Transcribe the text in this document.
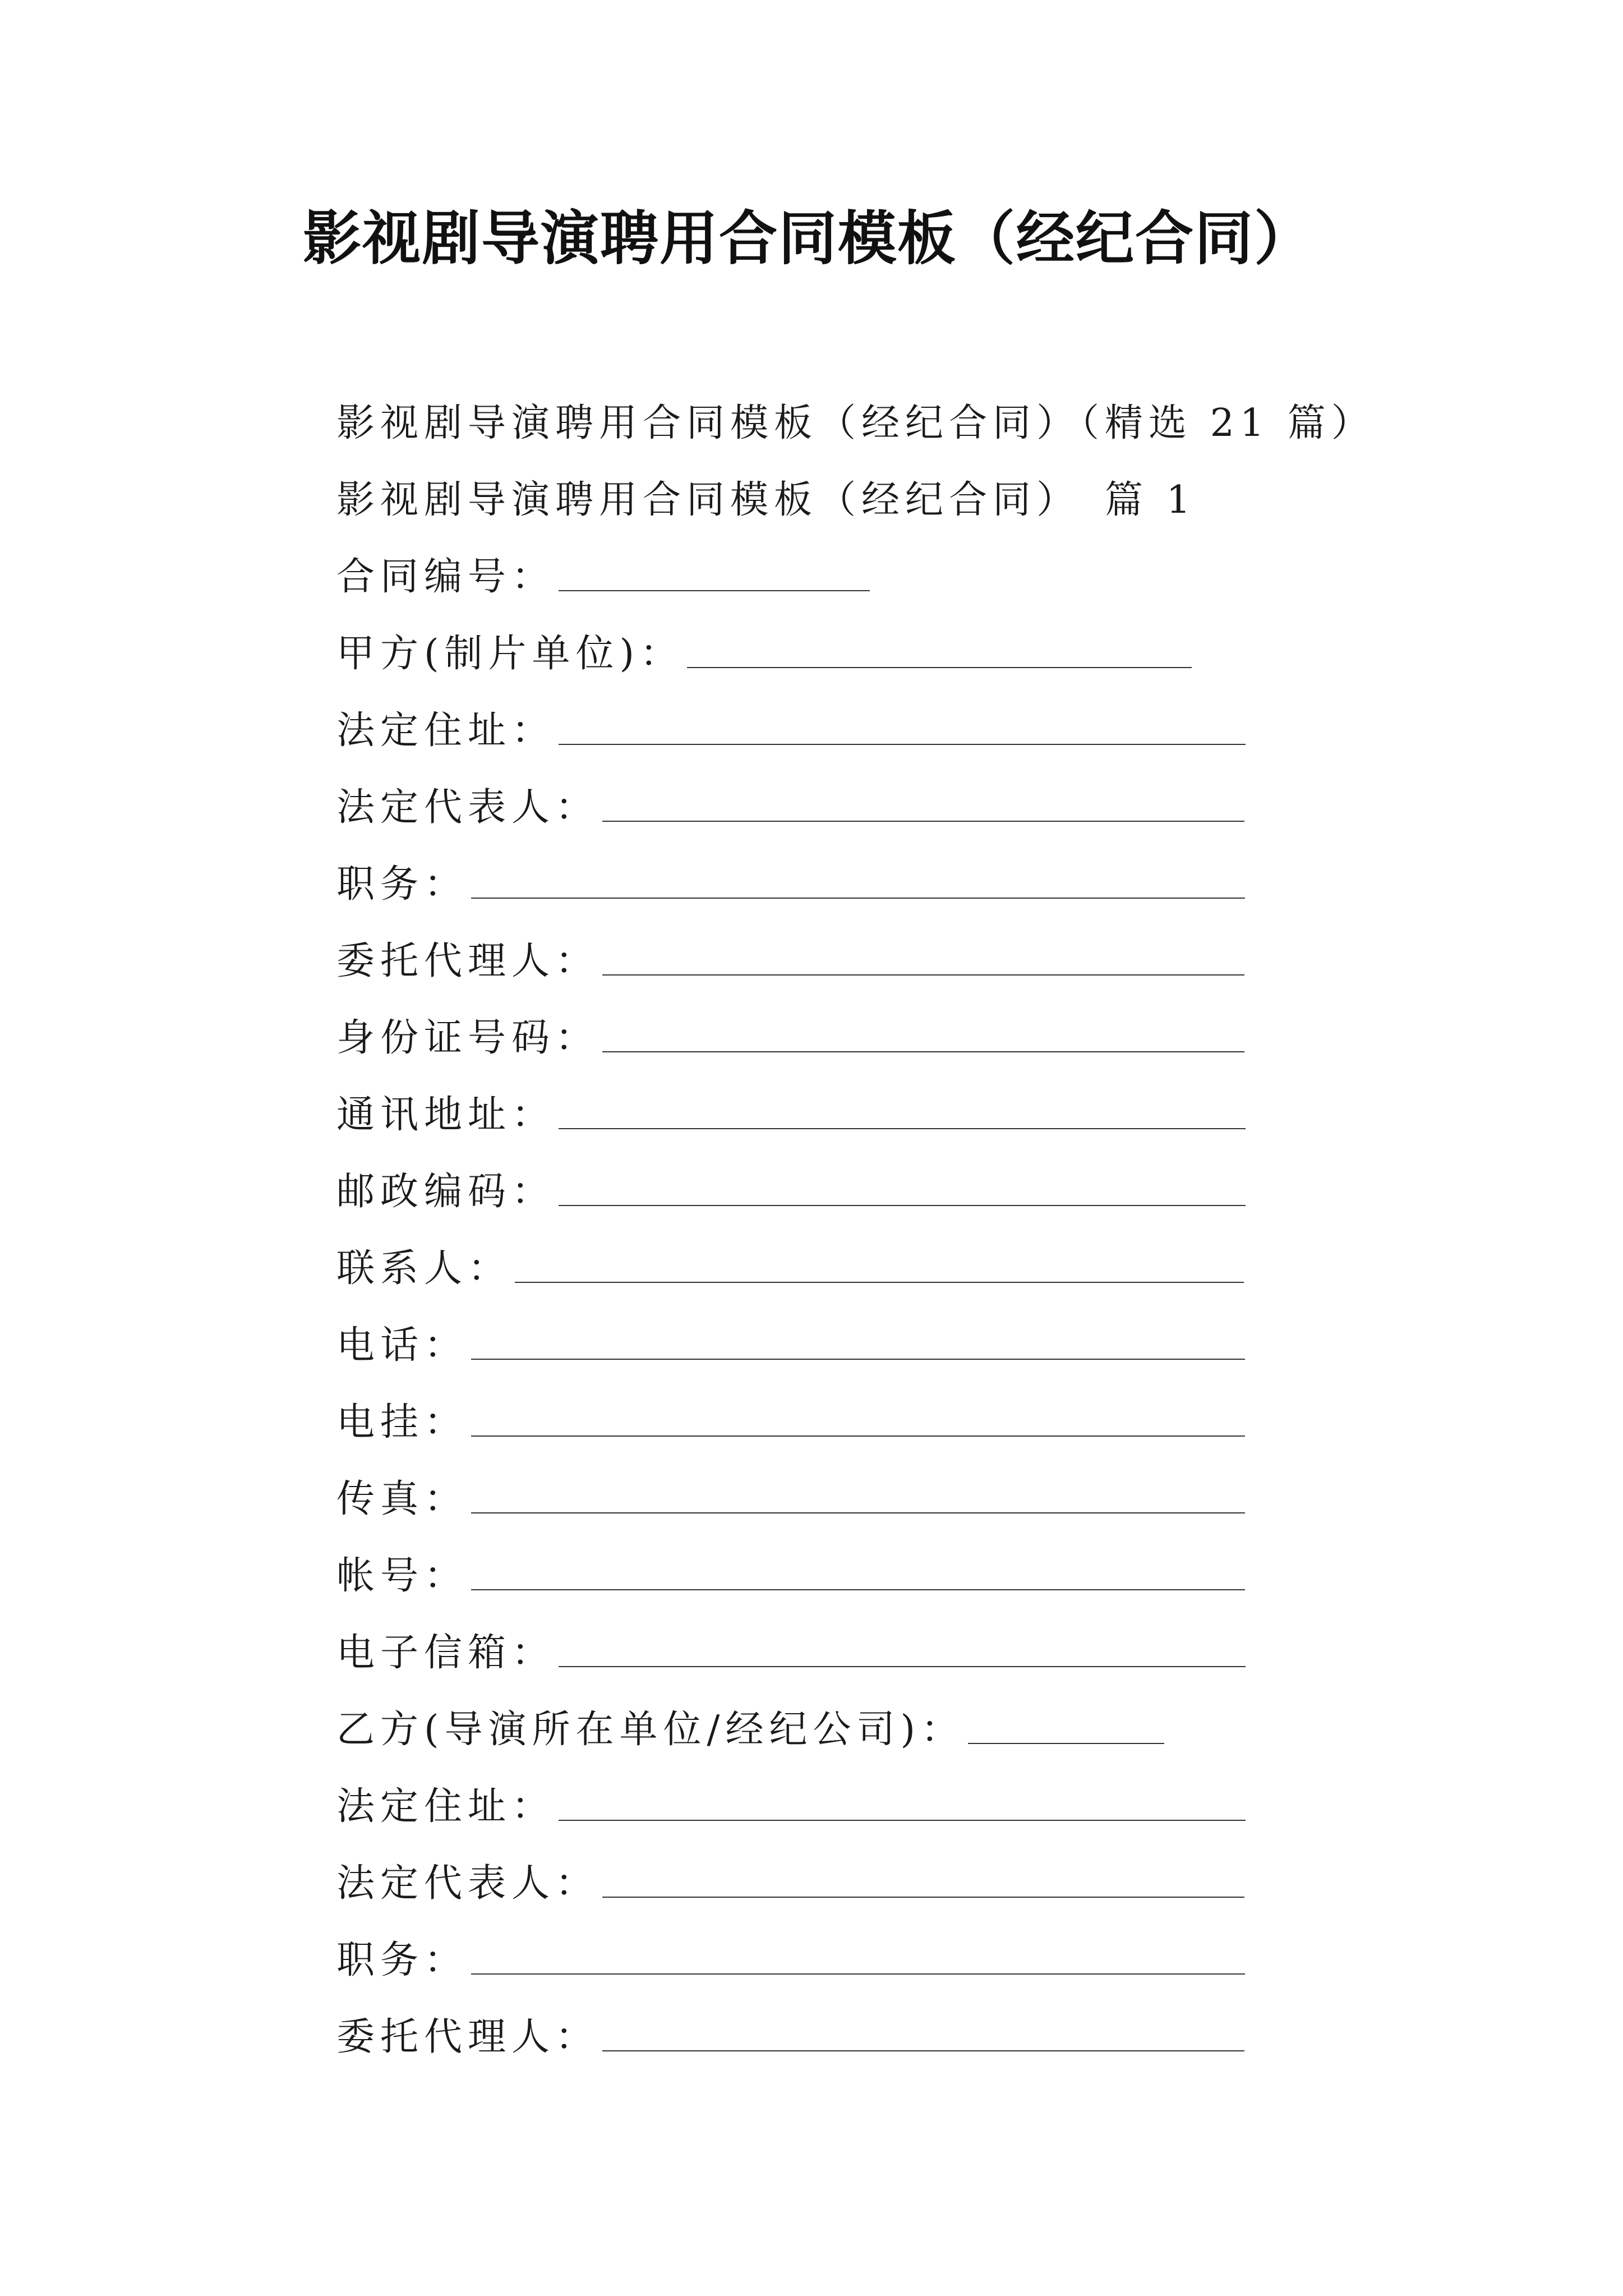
影视剧导演聘用合同模板（经纪合同）
影视剧导演聘用合同模板（经纪合同）（精选 21 篇）
影视剧导演聘用合同模板（经纪合同）　篇 1
合同编号：
甲方(制片单位)：
法定住址：
法定代表人：
职务：
委托代理人：
身份证号码：
通讯地址：
邮政编码：
联系人：
电话：
电挂：
传真：
帐号：
电子信箱：
乙方(导演所在单位/经纪公司)：
法定住址：
法定代表人：
职务：
委托代理人：
